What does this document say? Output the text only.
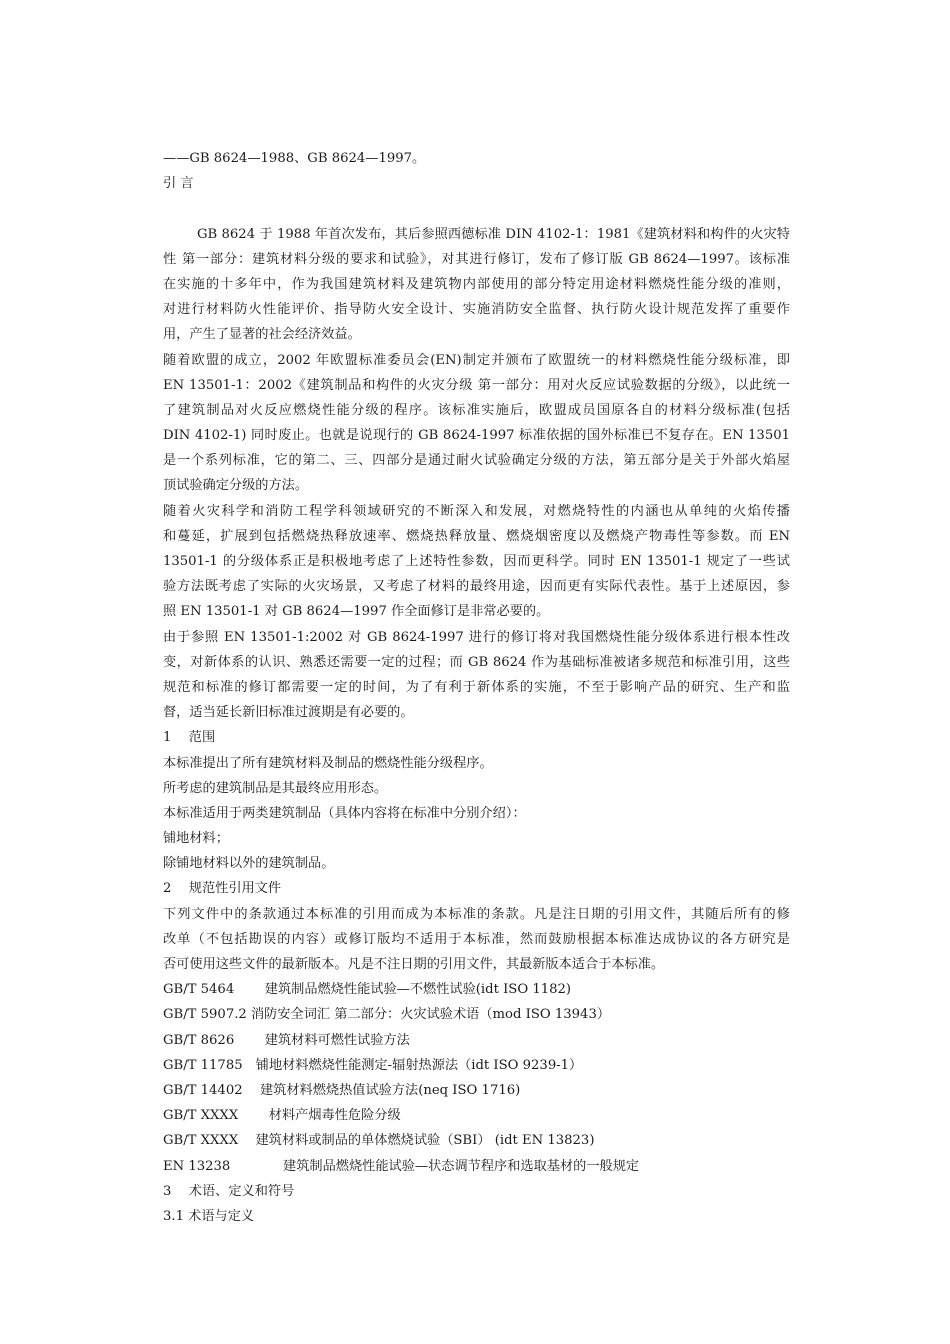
——GB 8624—1988、GB 8624—1997。
引 言
GB 8624 于 1988 年首次发布，其后参照西德标准 DIN 4102-1：1981《建筑材料和构件的火灾特
性 第一部分：建筑材料分级的要求和试验》，对其进行修订，发布了修订版 GB 8624—1997。该标准
在实施的十多年中，作为我国建筑材料及建筑物内部使用的部分特定用途材料燃烧性能分级的准则，
对进行材料防火性能评价、指导防火安全设计、实施消防安全监督、执行防火设计规范发挥了重要作
用，产生了显著的社会经济效益。
随着欧盟的成立，2002 年欧盟标准委员会(EN)制定并颁布了欧盟统一的材料燃烧性能分级标准，即
EN 13501-1：2002《建筑制品和构件的火灾分级 第一部分：用对火反应试验数据的分级》，以此统一
了建筑制品对火反应燃烧性能分级的程序。该标准实施后，欧盟成员国原各自的材料分级标准(包括
DIN 4102-1) 同时废止。也就是说现行的 GB 8624-1997 标准依据的国外标准已不复存在。EN 13501
是一个系列标准，它的第二、三、四部分是通过耐火试验确定分级的方法，第五部分是关于外部火焰屋
顶试验确定分级的方法。
随着火灾科学和消防工程学科领域研究的不断深入和发展，对燃烧特性的内涵也从单纯的火焰传播
和蔓延，扩展到包括燃烧热释放速率、燃烧热释放量、燃烧烟密度以及燃烧产物毒性等参数。而 EN
13501-1 的分级体系正是积极地考虑了上述特性参数，因而更科学。同时 EN 13501-1 规定了一些试
验方法既考虑了实际的火灾场景，又考虑了材料的最终用途，因而更有实际代表性。基于上述原因，参
照 EN 13501-1 对 GB 8624—1997 作全面修订是非常必要的。
由于参照 EN 13501-1:2002 对 GB 8624-1997 进行的修订将对我国燃烧性能分级体系进行根本性改
变，对新体系的认识、熟悉还需要一定的过程；而 GB 8624 作为基础标准被诸多规范和标准引用，这些
规范和标准的修订都需要一定的时间，为了有利于新体系的实施，不至于影响产品的研究、生产和监
督，适当延长新旧标准过渡期是有必要的。
1　 范围
本标准提出了所有建筑材料及制品的燃烧性能分级程序。
所考虑的建筑制品是其最终应用形态。
本标准适用于两类建筑制品（具体内容将在标准中分别介绍）：
铺地材料；
除铺地材料以外的建筑制品。
2　 规范性引用文件
下列文件中的条款通过本标准的引用而成为本标准的条款。凡是注日期的引用文件，其随后所有的修
改单（不包括勘误的内容）或修订版均不适用于本标准，然而鼓励根据本标准达成协议的各方研究是
否可使用这些文件的最新版本。凡是不注日期的引用文件，其最新版本适合于本标准。
GB/T 5464　　 建筑制品燃烧性能试验—不燃性试验(idt ISO 1182)
GB/T 5907.2 消防安全词汇 第二部分：火灾试验术语（mod ISO 13943）
GB/T 8626　　 建筑材料可燃性试验方法
GB/T 11785　铺地材料燃烧性能测定-辐射热源法（idt ISO 9239-1）
GB/T 14402　 建筑材料燃烧热值试验方法(neq ISO 1716)
GB/T XXXX　　 材料产烟毒性危险分级
GB/T XXXX　 建筑材料或制品的单体燃烧试验（SBI） (idt EN 13823)
EN 13238　　　　建筑制品燃烧性能试验—状态调节程序和选取基材的一般规定
3　 术语、定义和符号
3.1 术语与定义
